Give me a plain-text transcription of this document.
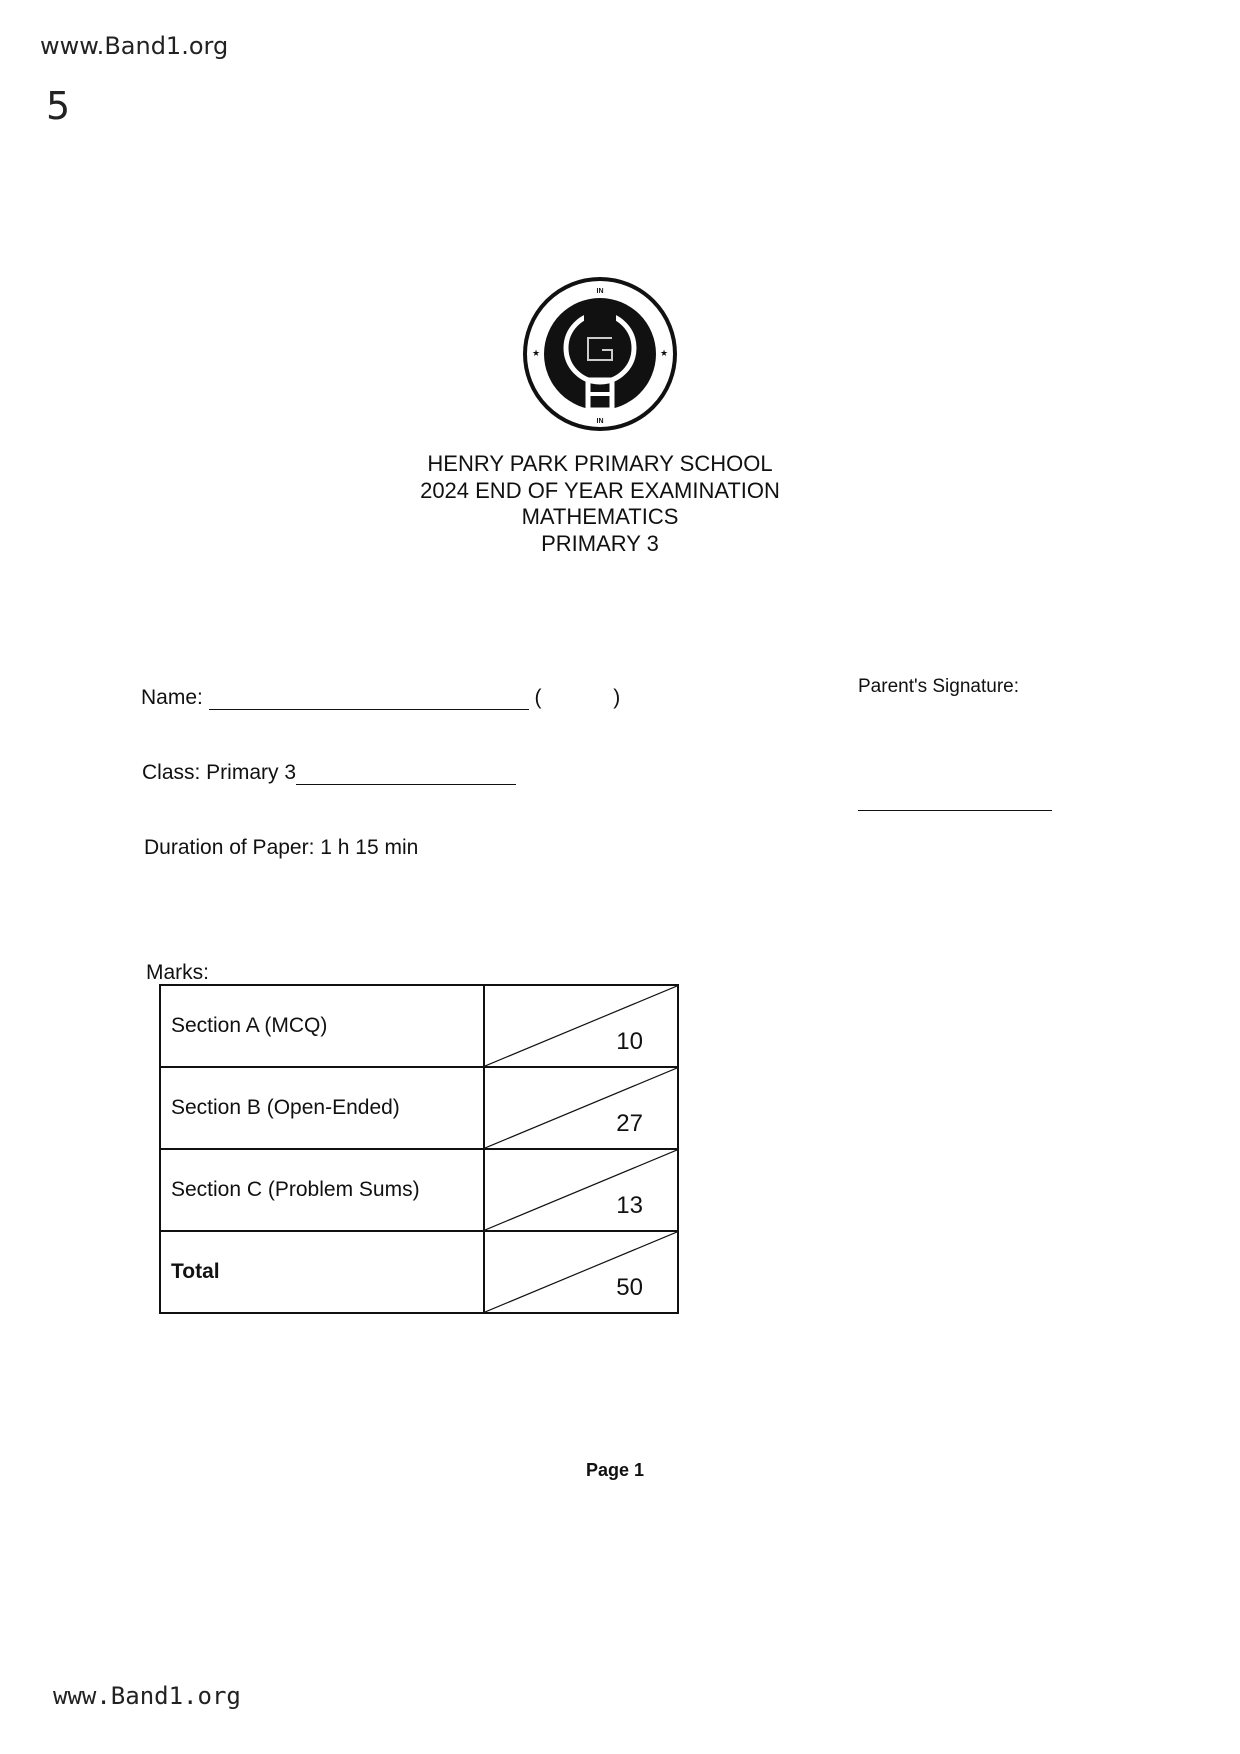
www.Band1.org
5
IN
IN
★	★
HENRY PARK PRIMARY SCHOOL
2024 END OF YEAR EXAMINATION
MATHEMATICS
PRIMARY 3
Name:	(	)	Parent's Signature:
Class: Primary 3
Duration of Paper: 1 h 15 min
Marks:
Section A (MCQ)	10

Section B (Open-Ended)	27

Section C (Problem Sums)	13

Total	50
Page 1
www.Band1.org
